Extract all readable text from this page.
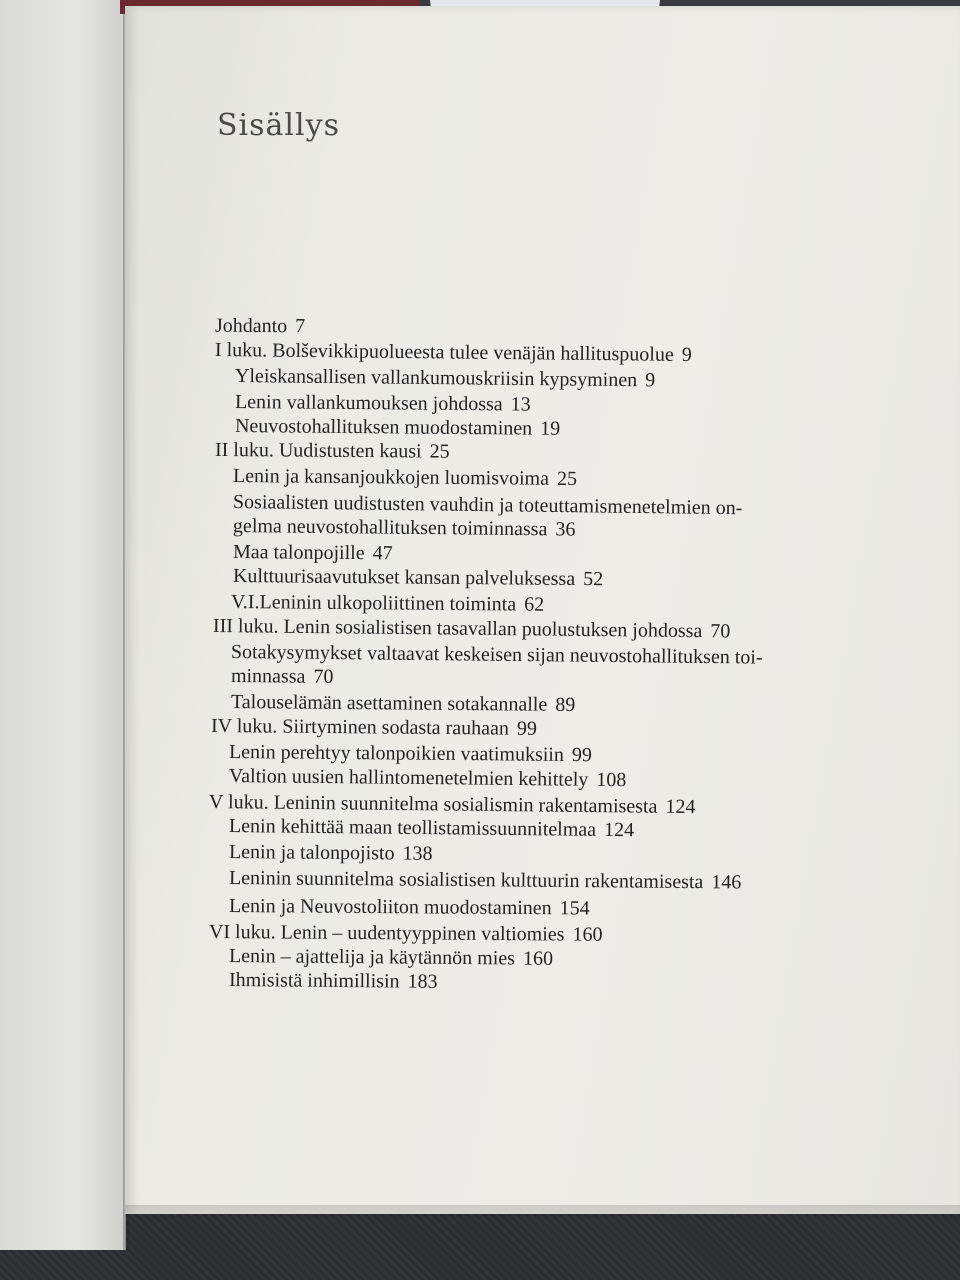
Sisällys
Johdanto 7
I luku. Bolševikkipuolueesta tulee venäjän hallituspuolue 9
Yleiskansallisen vallankumouskriisin kypsyminen 9
Lenin vallankumouksen johdossa 13
Neuvostohallituksen muodostaminen 19
II luku. Uudistusten kausi 25
Lenin ja kansanjoukkojen luomisvoima 25
Sosiaalisten uudistusten vauhdin ja toteuttamismenetelmien on-
gelma neuvostohallituksen toiminnassa 36
Maa talonpojille 47
Kulttuurisaavutukset kansan palveluksessa 52
V.I.Leninin ulkopoliittinen toiminta 62
III luku. Lenin sosialistisen tasavallan puolustuksen johdossa 70
Sotakysymykset valtaavat keskeisen sijan neuvostohallituksen toi-
minnassa 70
Talouselämän asettaminen sotakannalle 89
IV luku. Siirtyminen sodasta rauhaan 99
Lenin perehtyy talonpoikien vaatimuksiin 99
Valtion uusien hallintomenetelmien kehittely 108
V luku. Leninin suunnitelma sosialismin rakentamisesta 124
Lenin kehittää maan teollistamissuunnitelmaa 124
Lenin ja talonpojisto 138
Leninin suunnitelma sosialistisen kulttuurin rakentamisesta 146
Lenin ja Neuvostoliiton muodostaminen 154
VI luku. Lenin – uudentyyppinen valtiomies 160
Lenin – ajattelija ja käytännön mies 160
Ihmisistä inhimillisin 183
